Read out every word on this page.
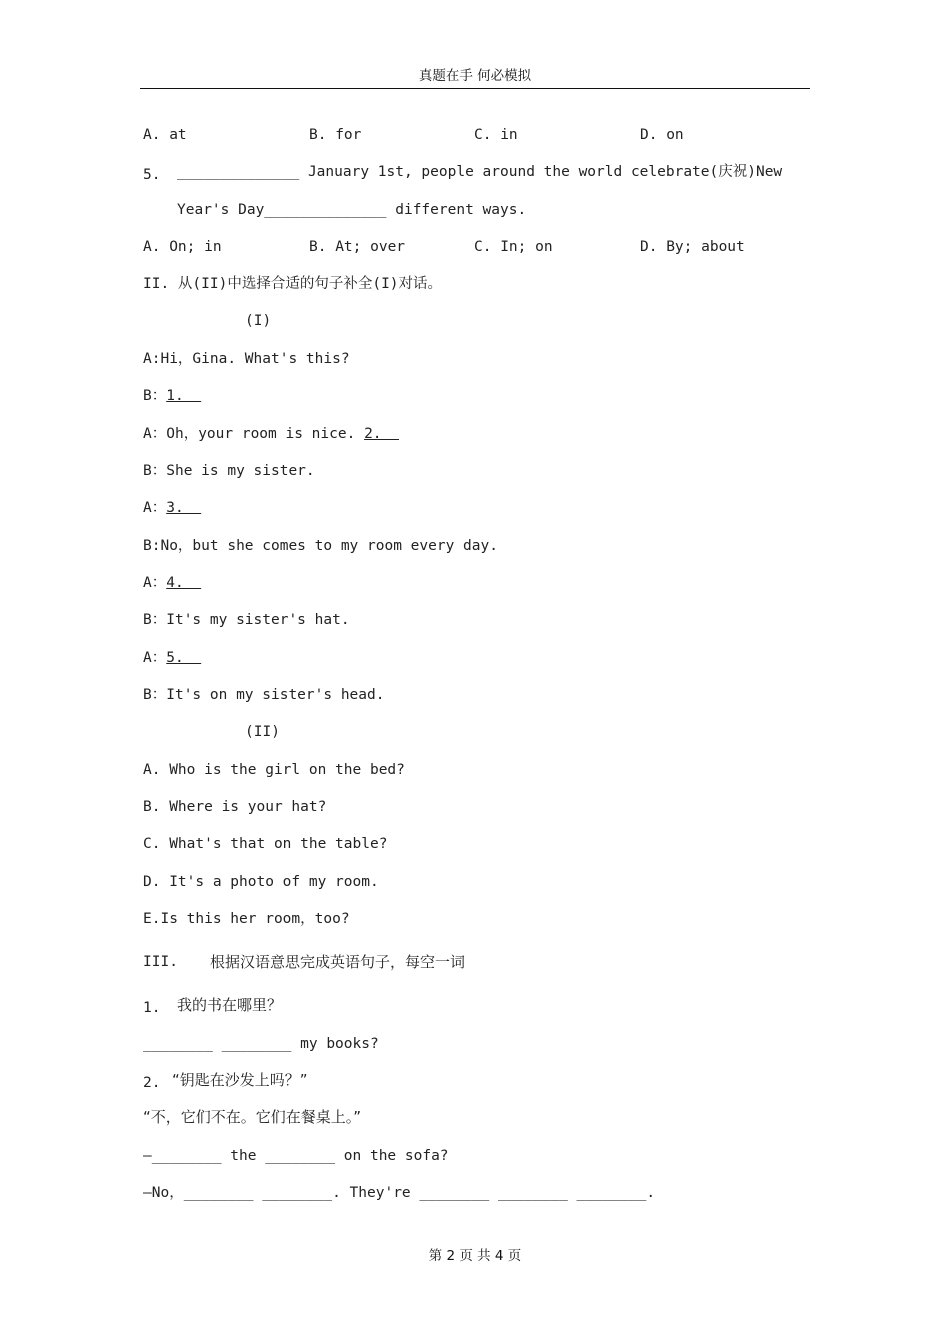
真题在手 何必模拟
A. at	B. for	C. in	D. on
5. ______________ January 1st, people around the world celebrate(庆祝)New
Year's Day______________ different ways.
A. On; in	B. At; over	C. In; on	D. By; about
II. 从(II)中选择合适的句子补全(I)对话。
(I)
A:Hi，Gina. What's this?
B：1.
A：Oh，your room is nice. 2.
B：She is my sister.
A：3.
B:No，but she comes to my room every day.
A：4.
B：It's my sister's hat.
A：5.
B：It's on my sister's head.
(II)
A. Who is the girl on the bed?
B. Where is your hat?
C. What's that on the table?
D. It's a photo of my room.
E.Is this her room，too?
III. 根据汉语意思完成英语句子，每空一词
1. 我的书在哪里？
________ ________ my books?
2. “钥匙在沙发上吗？”
“不，它们不在。它们在餐桌上。”
—________ the ________ on the sofa?
—No，________ ________. They're ________ ________ ________.
第 2 页 共 4 页
